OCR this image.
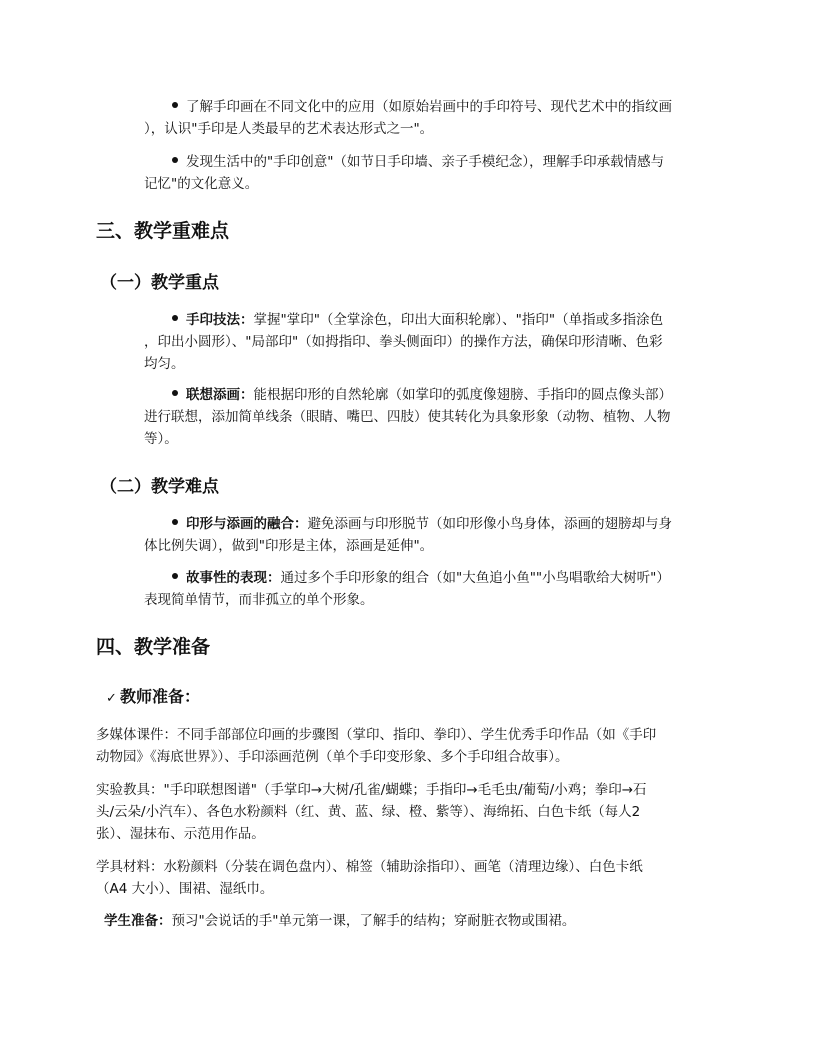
了解手印画在不同文化中的应用（如原始岩画中的手印符号、现代艺术中的指纹画
），认识"手印是人类最早的艺术表达形式之一"。
发现生活中的"手印创意"（如节日手印墙、亲子手模纪念），理解手印承载情感与
记忆"的文化意义。
三、教学重难点
（一）教学重点
手印技法：掌握"掌印"（全掌涂色，印出大面积轮廓）、"指印"（单指或多指涂色
，印出小圆形）、"局部印"（如拇指印、拳头侧面印）的操作方法，确保印形清晰、色彩
均匀。
联想添画：能根据印形的自然轮廓（如掌印的弧度像翅膀、手指印的圆点像头部）
进行联想，添加简单线条（眼睛、嘴巴、四肢）使其转化为具象形象（动物、植物、人物
等）。
（二）教学难点
印形与添画的融合：避免添画与印形脱节（如印形像小鸟身体，添画的翅膀却与身
体比例失调），做到"印形是主体，添画是延伸"。
故事性的表现：通过多个手印形象的组合（如"大鱼追小鱼""小鸟唱歌给大树听"）
表现简单情节，而非孤立的单个形象。
四、教学准备
✓ 教师准备：
多媒体课件：不同手部部位印画的步骤图（掌印、指印、拳印）、学生优秀手印作品（如《手印
动物园》《海底世界》）、手印添画范例（单个手印变形象、多个手印组合故事）。
实验教具："手印联想图谱"（手掌印→大树/孔雀/蝴蝶；手指印→毛毛虫/葡萄/小鸡；拳印→石
头/云朵/小汽车）、各色水粉颜料（红、黄、蓝、绿、橙、紫等）、海绵拓、白色卡纸（每人2
张）、湿抹布、示范用作品。
学具材料：水粉颜料（分装在调色盘内）、棉签（辅助涂指印）、画笔（清理边缘）、白色卡纸
（A4 大小）、围裙、湿纸巾。
学生准备：预习"会说话的手"单元第一课，了解手的结构；穿耐脏衣物或围裙。
